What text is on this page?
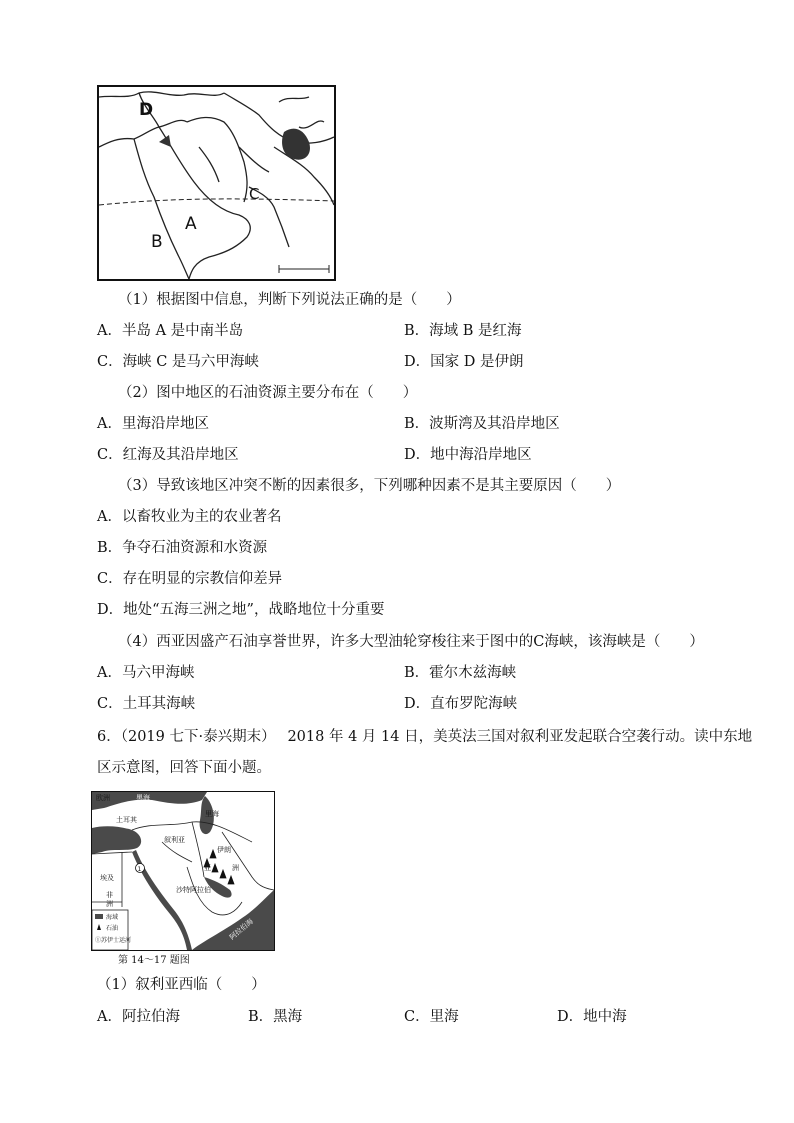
D
A
B
C
（1）根据图中信息，判断下列说法正确的是（　　）
A．半岛 A 是中南半岛	B．海域 B 是红海
C．海峡 C 是马六甲海峡	D．国家 D 是伊朗
（2）图中地区的石油资源主要分布在（　　）
A．里海沿岸地区	B．波斯湾及其沿岸地区
C．红海及其沿岸地区	D．地中海沿岸地区
（3）导致该地区冲突不断的因素很多，下列哪种因素不是其主要原因（　　）
A．以畜牧业为主的农业著名
B．争夺石油资源和水资源
C．存在明显的宗教信仰差异
D．地处“五海三洲之地”，战略地位十分重要
（4）西亚因盛产石油享誉世界，许多大型油轮穿梭往来于图中的C海峡，该海峡是（　　）
A．马六甲海峡	B．霍尔木兹海峡
C．土耳其海峡	D．直布罗陀海峡
6．（2019 七下·泰兴期末）　 2018 年 4 月 14 日，美英法三国对叙利亚发起联合空袭行动。读中东地
区示意图，回答下面小题。
1
欧洲	黑海
土耳其
里海
叙利亚
伊朗
埃及
非
洲
亚	洲
沙特阿拉伯
阿拉伯海
海域
石油
①苏伊士运河
第 14～17 题图
（1）叙利亚西临（　　）
A．阿拉伯海	B．黑海	C．里海	D．地中海
